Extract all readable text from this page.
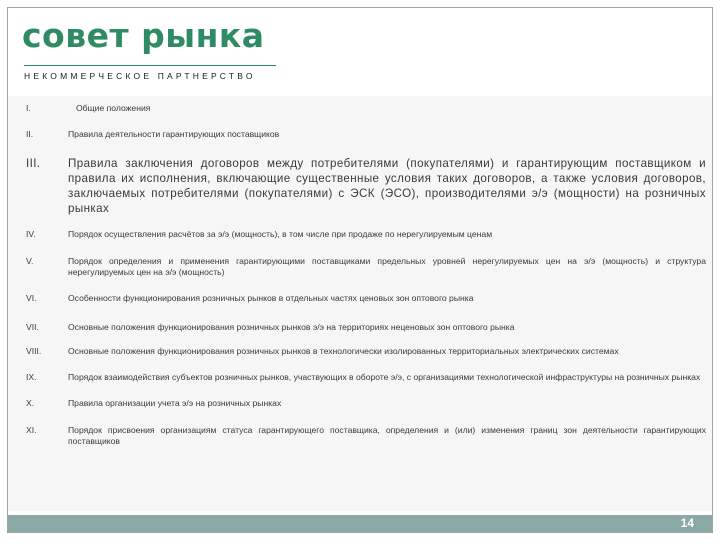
совет рынка
НЕКОММЕРЧЕСКОЕ ПАРТНЕРСТВО
I.	Общие положения
II.	Правила деятельности гарантирующих поставщиков
III. Правила заключения договоров между потребителями (покупателями) и гарантирующим поставщиком и правила их исполнения, включающие существенные условия таких договоров, а также условия договоров, заключаемых потребителями (покупателями) с ЭСК (ЭСО), производителями э/э (мощности) на розничных рынках
IV.	Порядок осуществления расчётов за э/э (мощность), в том числе при продаже по нерегулируемым ценам
V.	Порядок определения и применения гарантирующими поставщиками предельных уровней нерегулируемых цен на э/э (мощность) и структура нерегулируемых цен на э/э (мощность)
VI.	Особенности функционирования розничных рынков в отдельных частях ценовых зон оптового рынка
VII.	Основные положения функционирования розничных рынков э/э на территориях неценовых зон оптового рынка
VIII.	Основные положения функционирования розничных рынков в технологически изолированных территориальных электрических системах
IX.	Порядок взаимодействия субъектов розничных рынков, участвующих в обороте э/э, с организациями технологической инфраструктуры на розничных рынках
X.	Правила организации учета э/э на розничных рынках
XI.	Порядок присвоения организациям статуса гарантирующего поставщика, определения и (или) изменения границ зон деятельности гарантирующих поставщиков
14
